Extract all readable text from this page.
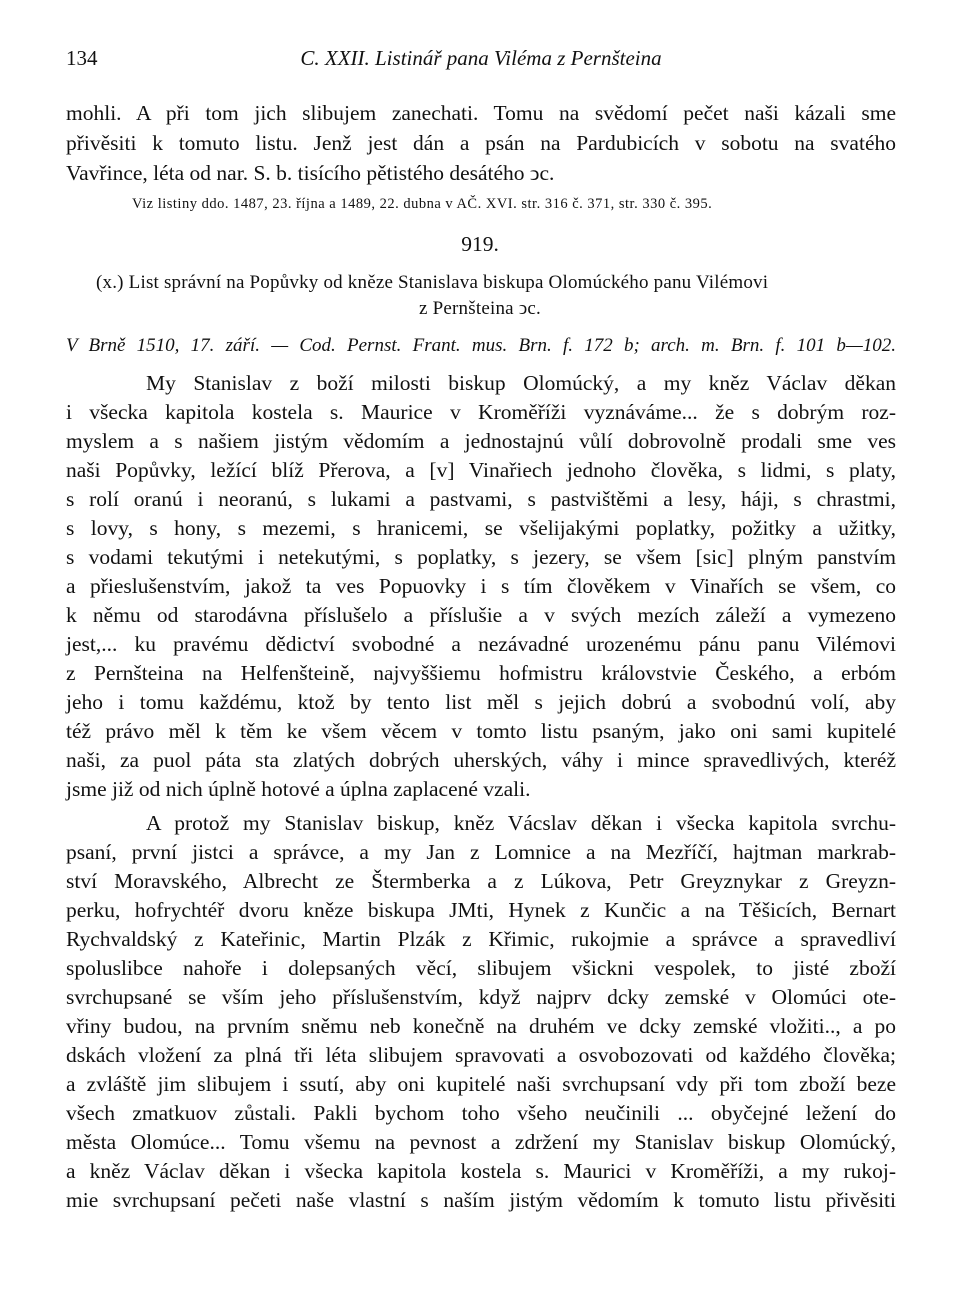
134	C. XXII. Listinář pana Viléma z Pernšteina
mohli. A při tom jich slibujem zanechati. Tomu na svědomí pečet naši kázali sme
přivěsiti k tomuto listu. Jenž jest dán a psán na Pardubicích v sobotu na svatého
Vavřince, léta od nar. S. b. tisícího pětistého desátého ͻc.
Viz listiny ddo. 1487, 23. října a 1489, 22. dubna v AČ. XVI. str. 316 č. 371, str. 330 č. 395.
919.
(x.) List správní na Popůvky od kněze Stanislava biskupa Olomúckého panu Vilémovi
z Pernšteina ͻc.
V Brně 1510, 17. září. — Cod. Pernst. Frant. mus. Brn. f. 172 b; arch. m. Brn. f. 101 b—102.
My Stanislav z boží milosti biskup Olomúcký, a my kněz Václav děkan
i všecka kapitola kostela s. Maurice v Kroměříži vyznáváme... že s dobrým roz-
myslem a s našiem jistým vědomím a jednostajnú vůlí dobrovolně prodali sme ves
naši Popůvky, ležící blíž Přerova, a [v] Vinařiech jednoho člověka, s lidmi, s platy,
s rolí oranú i neoranú, s lukami a pastvami, s pastvištěmi a lesy, háji, s chrastmi,
s lovy, s hony, s mezemi, s hranicemi, se všelijakými poplatky, požitky a užitky,
s vodami tekutými i netekutými, s poplatky, s jezery, se všem [sic] plným panstvím
a přieslušenstvím, jakož ta ves Popuovky i s tím člověkem v Vinařích se všem, co
k němu od starodávna příslušelo a příslušie a v svých mezích záleží a vymezeno
jest,... ku pravému dědictví svobodné a nezávadné urozenému pánu panu Vilémovi
z Pernšteina na Helfenšteině, najvyššiemu hofmistru královstvie Českého, a erbóm
jeho i tomu každému, ktož by tento list měl s jejich dobrú a svobodnú volí, aby
též právo měl k těm ke všem věcem v tomto listu psaným, jako oni sami kupitelé
naši, za puol páta sta zlatých dobrých uherských, váhy i mince spravedlivých, kteréž
jsme již od nich úplně hotové a úplna zaplacené vzali.
A protož my Stanislav biskup, kněz Vácslav děkan i všecka kapitola svrchu-
psaní, první jistci a správce, a my Jan z Lomnice a na Mezříčí, hajtman markrab-
ství Moravského, Albrecht ze Štermberka a z Lúkova, Petr Greyznykar z Greyzn-
perku, hofrychtéř dvoru kněze biskupa JMti, Hynek z Kunčic a na Těšicích, Bernart
Rychvaldský z Kateřinic, Martin Plzák z Křimic, rukojmie a správce a spravedliví
spoluslibce nahoře i dolepsaných věcí, slibujem všickni vespolek, to jisté zboží
svrchupsané se vším jeho příslušenstvím, když najprv dcky zemské v Olomúci ote-
vřiny budou, na prvním sněmu neb konečně na druhém ve dcky zemské vložiti.., a po
dskách vložení za plná tři léta slibujem spravovati a osvobozovati od každého člověka;
a zvláště jim slibujem i ssutí, aby oni kupitelé naši svrchupsaní vdy při tom zboží beze
všech zmatkuov zůstali. Pakli bychom toho všeho neučinili ... obyčejné ležení do
města Olomúce... Tomu všemu na pevnost a zdržení my Stanislav biskup Olomúcký,
a kněz Václav děkan i všecka kapitola kostela s. Maurici v Kroměříži, a my rukoj-
mie svrchupsaní pečeti naše vlastní s naším jistým vědomím k tomuto listu přivěsiti
